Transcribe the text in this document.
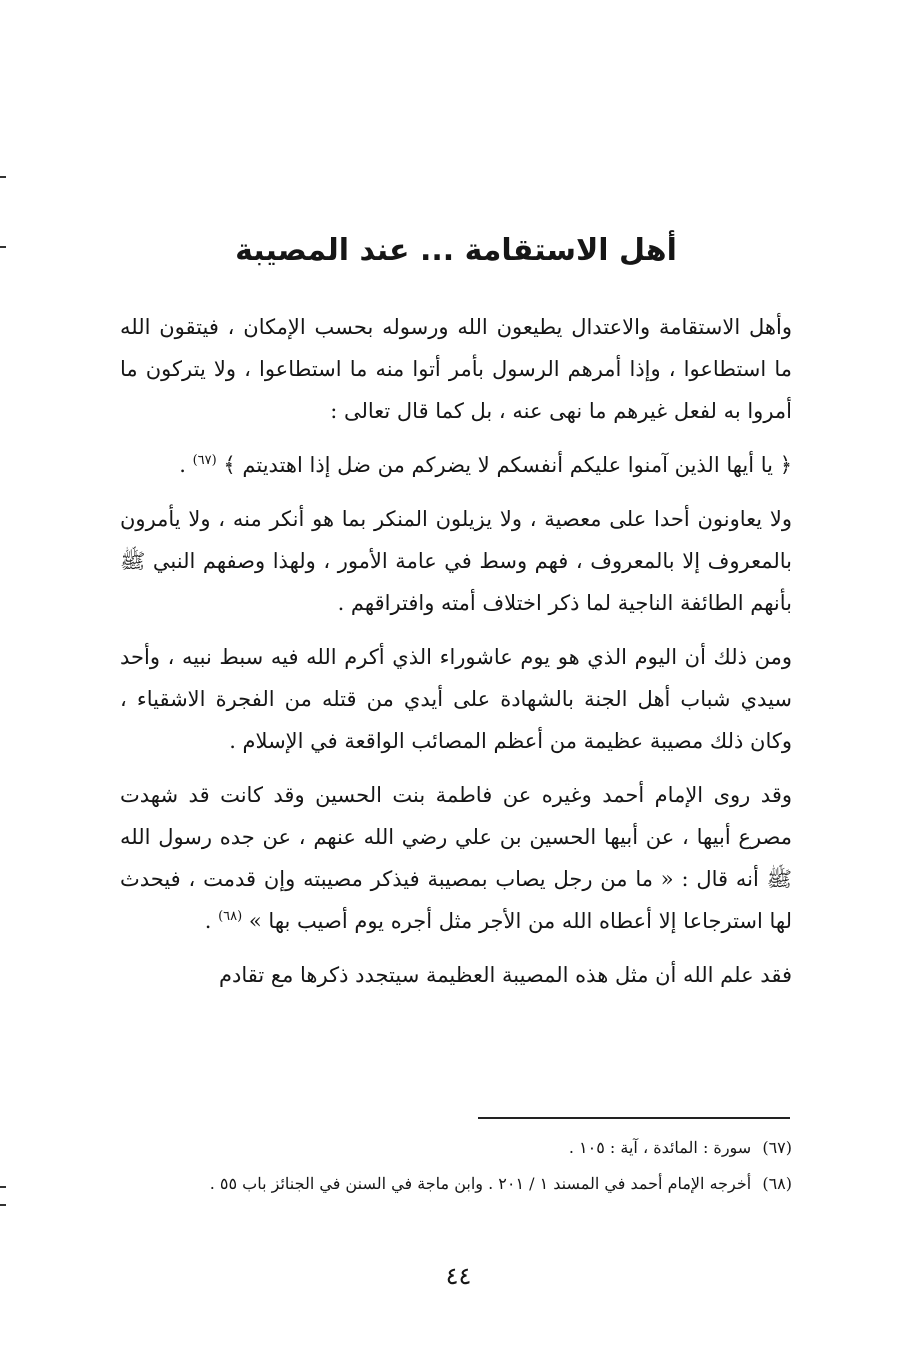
أهل الاستقامة ... عند المصيبة

وأهل الاستقامة والاعتدال يطيعون الله ورسوله بحسب الإمكان ، فيتقون الله ما استطاعوا ، وإذا أمرهم الرسول بأمر أتوا منه ما استطاعوا ، ولا يتركون ما أمروا به لفعل غيرهم ما نهى عنه ، بل كما قال تعالى :

﴿ يا أيها الذين آمنوا عليكم أنفسكم لا يضركم من ضل إذا اهتديتم ﴾ $^{(٦٧)}$ .

ولا يعاونون أحدا على معصية ، ولا يزيلون المنكر بما هو أنكر منه ، ولا يأمرون بالمعروف إلا بالمعروف ، فهم وسط في عامة الأمور ، ولهذا وصفهم النبي ﷺ بأنهم الطائفة الناجية لما ذكر اختلاف أمته وافتراقهم .

ومن ذلك أن اليوم الذي هو يوم عاشوراء الذي أكرم الله فيه سبط نبيه ، وأحد سيدي شباب أهل الجنة بالشهادة على أيدي من قتله من الفجرة الاشقياء ، وكان ذلك مصيبة عظيمة من أعظم المصائب الواقعة في الإسلام .

وقد روى الإمام أحمد وغيره عن فاطمة بنت الحسين وقد كانت قد شهدت مصرع أبيها ، عن أبيها الحسين بن علي رضي الله عنهم ، عن جده رسول الله ﷺ أنه قال : « ما من رجل يصاب بمصيبة فيذكر مصيبته وإن قدمت ، فيحدث لها استرجاعا إلا أعطاه الله من الأجر مثل أجره يوم أصيب بها » $^{(٦٨)}$ .

فقد علم الله أن مثل هذه المصيبة العظيمة سيتجدد ذكرها مع تقادم

(٦٧) سورة : المائدة ، آية : ١٠٥ .

(٦٨) أخرجه الإمام أحمد في المسند ١ / ٢٠١ . وابن ماجة في السنن في الجنائز باب ٥٥ .

٤٤
